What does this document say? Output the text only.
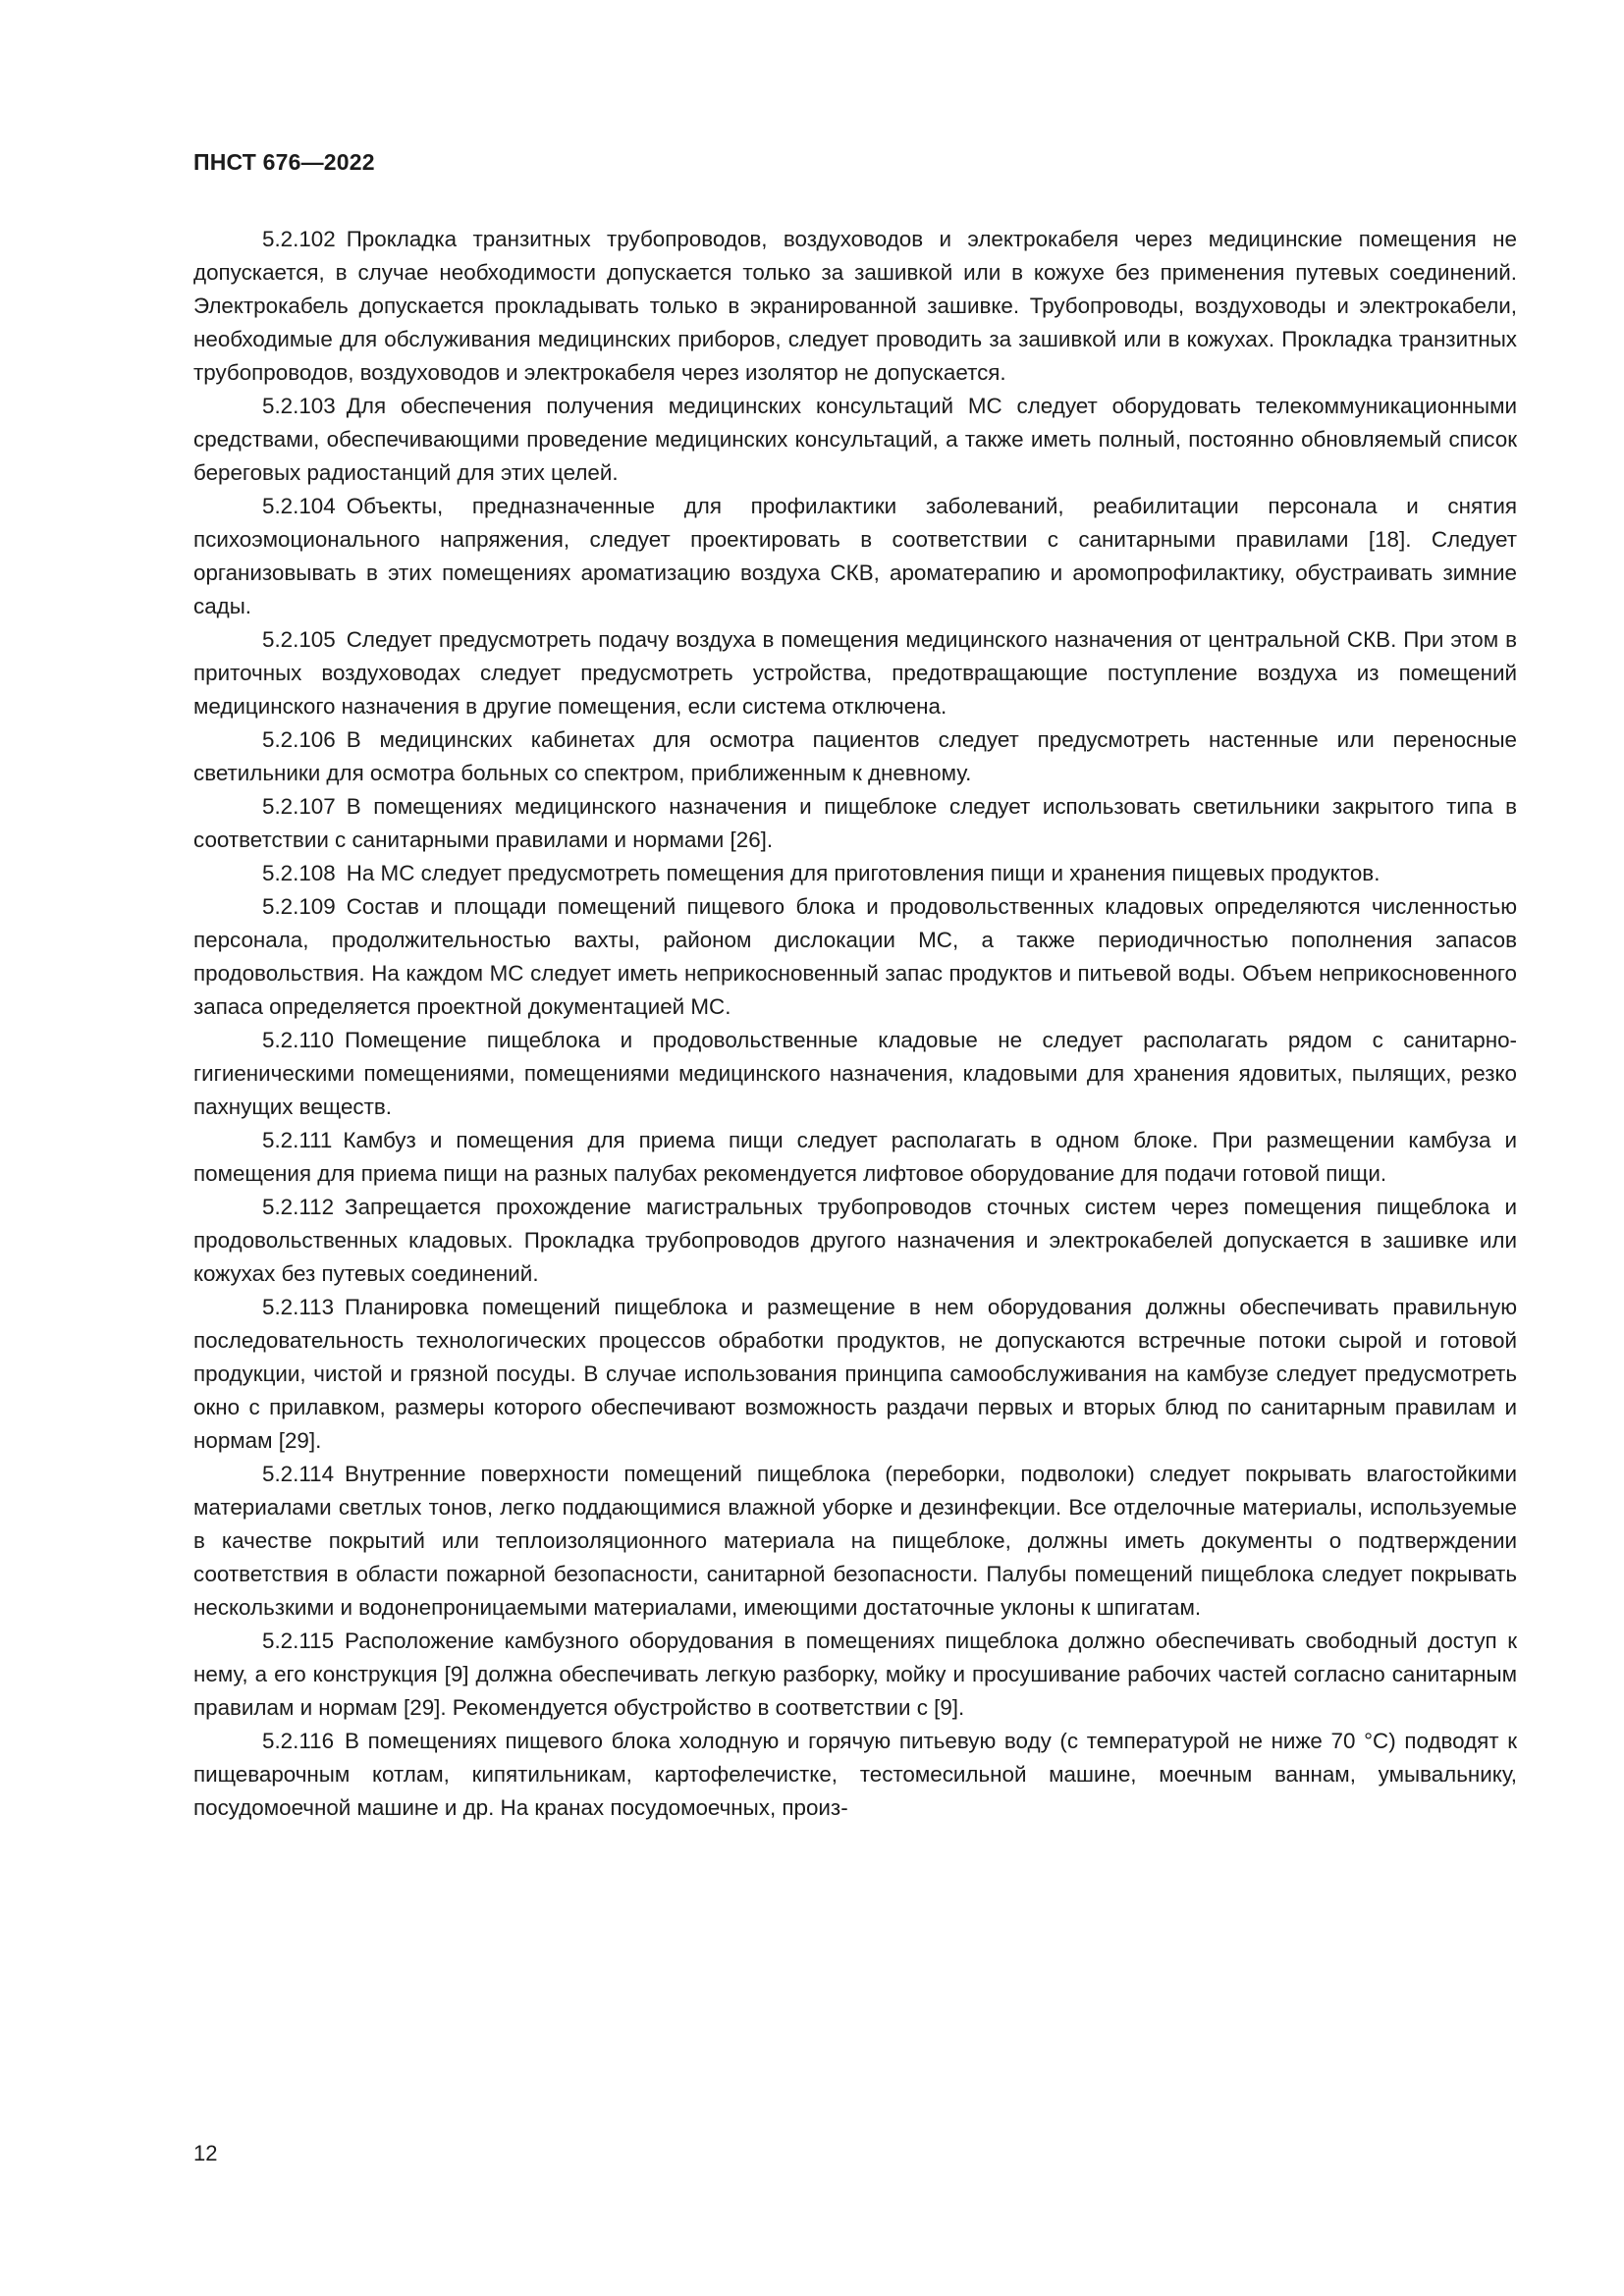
ПНСТ 676—2022

5.2.102 Прокладка транзитных трубопроводов, воздуховодов и электрокабеля через медицинские помещения не допускается, в случае необходимости допускается только за зашивкой или в кожухе без применения путевых соединений. Электрокабель допускается прокладывать только в экранированной зашивке. Трубопроводы, воздуховоды и электрокабели, необходимые для обслуживания медицинских приборов, следует проводить за зашивкой или в кожухах. Прокладка транзитных трубопроводов, воздуховодов и электрокабеля через изолятор не допускается.

5.2.103 Для обеспечения получения медицинских консультаций МС следует оборудовать телекоммуникационными средствами, обеспечивающими проведение медицинских консультаций, а также иметь полный, постоянно обновляемый список береговых радиостанций для этих целей.

5.2.104 Объекты, предназначенные для профилактики заболеваний, реабилитации персонала и снятия психоэмоционального напряжения, следует проектировать в соответствии с санитарными правилами [18]. Следует организовывать в этих помещениях ароматизацию воздуха СКВ, ароматерапию и аромопрофилактику, обустраивать зимние сады.

5.2.105 Следует предусмотреть подачу воздуха в помещения медицинского назначения от центральной СКВ. При этом в приточных воздуховодах следует предусмотреть устройства, предотвращающие поступление воздуха из помещений медицинского назначения в другие помещения, если система отключена.

5.2.106 В медицинских кабинетах для осмотра пациентов следует предусмотреть настенные или переносные светильники для осмотра больных со спектром, приближенным к дневному.

5.2.107 В помещениях медицинского назначения и пищеблоке следует использовать светильники закрытого типа в соответствии с санитарными правилами и нормами [26].

5.2.108 На МС следует предусмотреть помещения для приготовления пищи и хранения пищевых продуктов.

5.2.109 Состав и площади помещений пищевого блока и продовольственных кладовых определяются численностью персонала, продолжительностью вахты, районом дислокации МС, а также периодичностью пополнения запасов продовольствия. На каждом МС следует иметь неприкосновенный запас продуктов и питьевой воды. Объем неприкосновенного запаса определяется проектной документацией МС.

5.2.110 Помещение пищеблока и продовольственные кладовые не следует располагать рядом с санитарно-гигиеническими помещениями, помещениями медицинского назначения, кладовыми для хранения ядовитых, пылящих, резко пахнущих веществ.

5.2.111 Камбуз и помещения для приема пищи следует располагать в одном блоке. При размещении камбуза и помещения для приема пищи на разных палубах рекомендуется лифтовое оборудование для подачи готовой пищи.

5.2.112 Запрещается прохождение магистральных трубопроводов сточных систем через помещения пищеблока и продовольственных кладовых. Прокладка трубопроводов другого назначения и электрокабелей допускается в зашивке или кожухах без путевых соединений.

5.2.113 Планировка помещений пищеблока и размещение в нем оборудования должны обеспечивать правильную последовательность технологических процессов обработки продуктов, не допускаются встречные потоки сырой и готовой продукции, чистой и грязной посуды. В случае использования принципа самообслуживания на камбузе следует предусмотреть окно с прилавком, размеры которого обеспечивают возможность раздачи первых и вторых блюд по санитарным правилам и нормам [29].

5.2.114 Внутренние поверхности помещений пищеблока (переборки, подволоки) следует покрывать влагостойкими материалами светлых тонов, легко поддающимися влажной уборке и дезинфекции. Все отделочные материалы, используемые в качестве покрытий или теплоизоляционного материала на пищеблоке, должны иметь документы о подтверждении соответствия в области пожарной безопасности, санитарной безопасности. Палубы помещений пищеблока следует покрывать нескользкими и водонепроницаемыми материалами, имеющими достаточные уклоны к шпигатам.

5.2.115 Расположение камбузного оборудования в помещениях пищеблока должно обеспечивать свободный доступ к нему, а его конструкция [9] должна обеспечивать легкую разборку, мойку и просушивание рабочих частей согласно санитарным правилам и нормам [29]. Рекомендуется обустройство в соответствии с [9].

5.2.116 В помещениях пищевого блока холодную и горячую питьевую воду (с температурой не ниже 70 °С) подводят к пищеварочным котлам, кипятильникам, картофелечистке, тестомесильной машине, моечным ваннам, умывальнику, посудомоечной машине и др. На кранах посудомоечных, произ-

12
